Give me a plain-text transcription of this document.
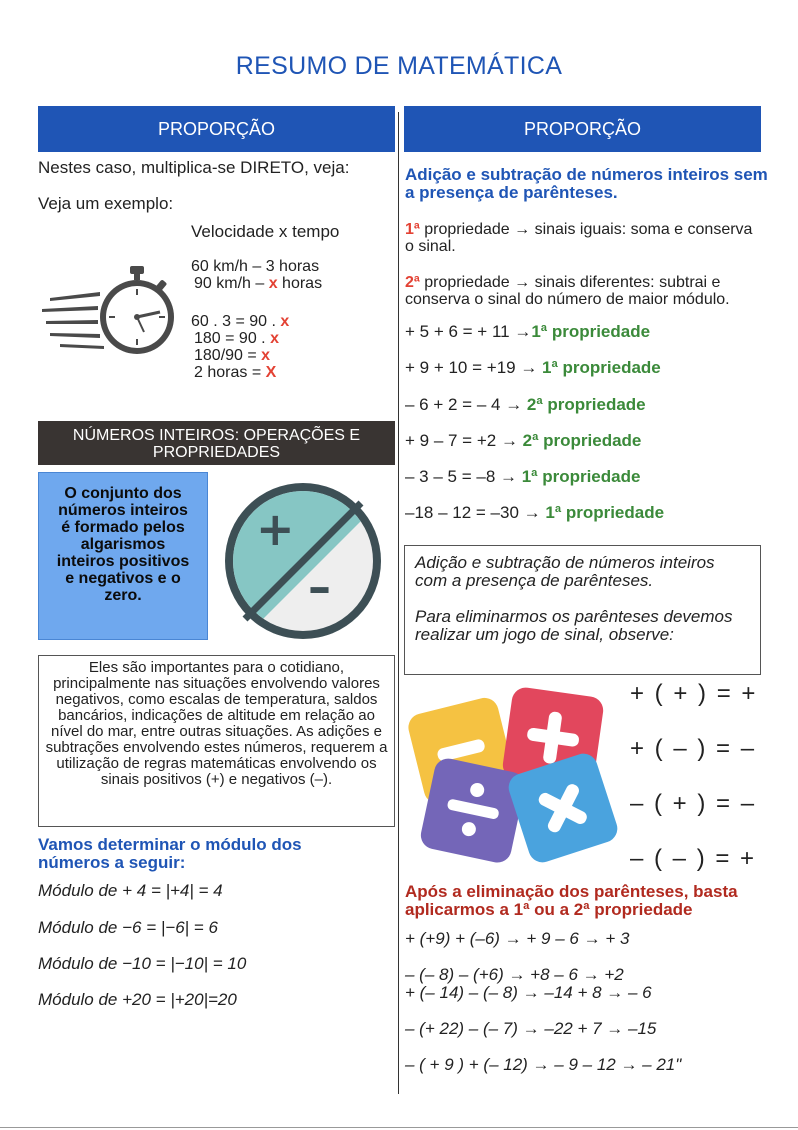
RESUMO DE MATEMÁTICA
PROPORÇÃO
Nestes caso, multiplica-se DIRETO, veja:
Veja um exemplo:
Velocidade x tempo
60 km/h – 3 horas
90 km/h – x horas
60 . 3 = 90 . x
180 = 90 . x
180/90 = x
2 horas = X
NÚMEROS INTEIROS: OPERAÇÕES E PROPRIEDADES
O conjunto dos números inteiros é formado pelos algarismos inteiros positivos e negativos e o zero.
+
–
Eles são importantes para o cotidiano, principalmente nas situações envolvendo valores negativos, como escalas de temperatura, saldos bancários, indicações de altitude em relação ao nível do mar, entre outras situações. As adições e subtrações envolvendo estes números, requerem a utilização de regras matemáticas envolvendo os sinais positivos (+) e negativos (–).
Vamos determinar o módulo dos números a seguir:
Módulo de + 4 = |+4| = 4
Módulo de −6 = |−6| = 6
Módulo de −10 = |−10| = 10
Módulo de +20 = |+20|=20
PROPORÇÃO
Adição e subtração de números inteiros sem a presença de parênteses.
1ª propriedade → sinais iguais: soma e conserva o sinal.
2ª propriedade → sinais diferentes: subtrai e conserva o sinal do número de maior módulo.
+ 5 + 6 = + 11 →1ª propriedade
+ 9 + 10 = +19 → 1ª propriedade
– 6 + 2 = – 4 → 2ª propriedade
+ 9 – 7 = +2 → 2ª propriedade
– 3 – 5 = –8 → 1ª propriedade
–18 – 12 = –30 → 1ª propriedade
Adição e subtração de números inteiros com a presença de parênteses.
Para eliminarmos os parênteses devemos realizar um jogo de sinal, observe:
+ ( + ) = +
+ ( – ) = –
– ( + ) = –
– ( – ) = +
Após a eliminação dos parênteses, basta aplicarmos a 1ª ou a 2ª propriedade
+ (+9) + (–6) → + 9 – 6 → + 3
– (– 8) – (+6) → +8 – 6 → +2
+ (– 14) – (– 8) → –14 + 8 → – 6
– (+ 22) – (– 7) → –22 + 7 → –15
– ( + 9 ) + (– 12) → – 9 – 12 → – 21"
